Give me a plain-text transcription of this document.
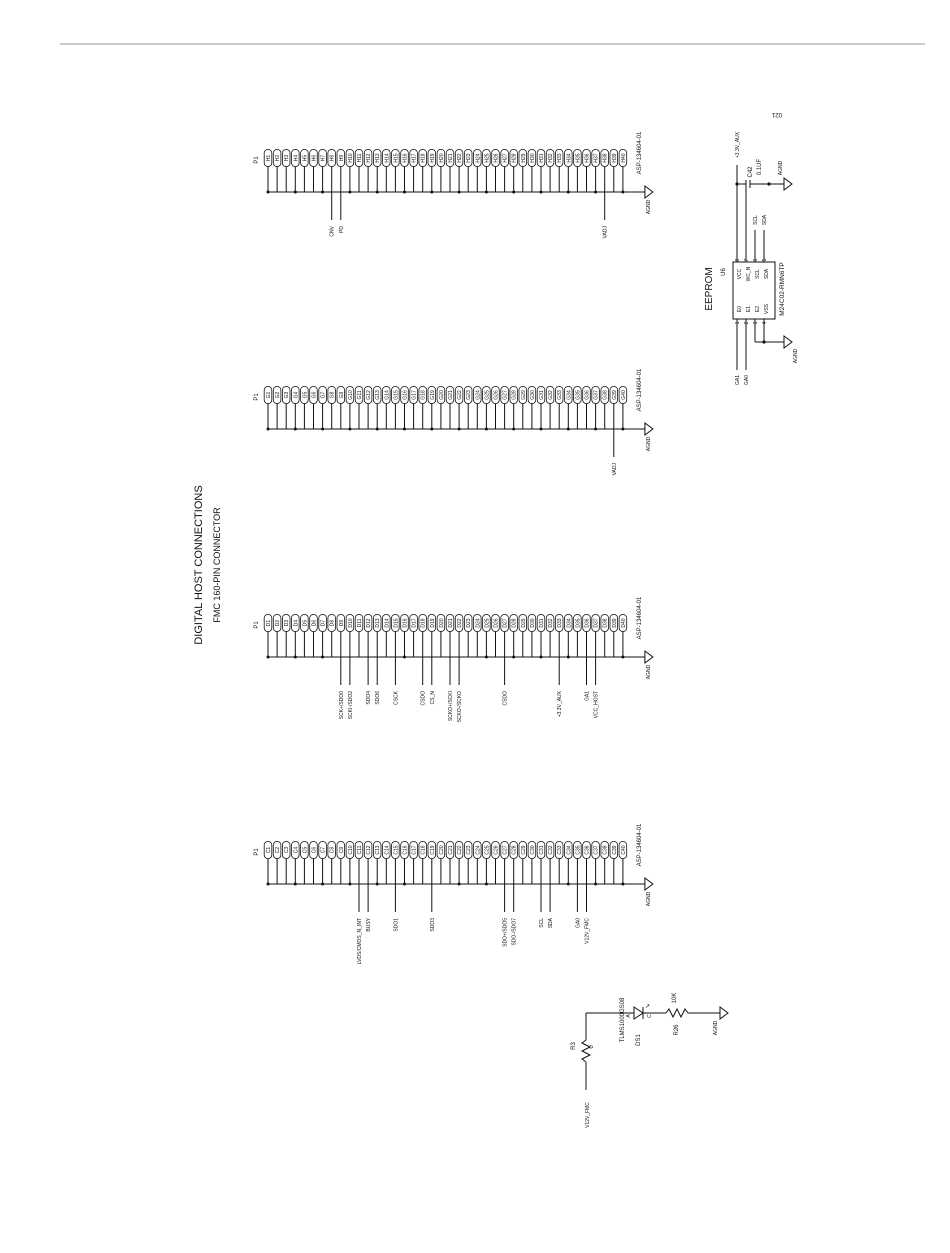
021
DIGITAL HOST CONNECTIONS FMC 160-PIN CONNECTOR
P1	ASP-134604-01
H1 H2 H3 H4 H5 H6 H7 H8 H9 H10 H11 H12 H13 H14 H15 H16 H17 H18 H19 H20 H21 H22 H23 H24 H25 H26 H27 H28 H29 H30 H31 H32 H33 H34 H35 H36 H37 H38 H39 H40
AGND
CNV PD	VADJ
P1	ASP-134604-01
G1 G2 G3 G4 G5 G6 G7 G8 G9 G10 G11 G12 G13 G14 G15 G16 G17 G18 G19 G20 G21 G22 G23 G24 G25 G26 G27 G28 G29 G30 G31 G32 G33 G34 G35 G36 G37 G38 G39 G40
AGND
VADJ
P1	ASP-134604-01
D1 D2 D3 D4 D5 D6 D7 D8 D9 D10 D11 D12 D13 D14 D15 D16 D17 D18 D19 D20 D21 D22 D23 D24 D25 D26 D27 D28 D29 D30 D31 D32 D33 D34 D35 D36 D37 D38 D39 D40
AGND
SCK+/SDO0 SCKI-/SDO2 SDO4 SDO6 CSCK	CSDO CS_N SCKO+/SCKI SCKO-/SCKO	CSDO	+3.3V_AUX	GA1 VCC_HOST
P1	ASP-134604-01
C1 C2 C3 C4 C5 C6 C7 C8 C9 C10 C11 C12 C13 C14 C15 C16 C17 C18 C19 C20 C21 C22 C23 C24 C25 C26 C27 C28 C29 C30 C31 C32 C33 C34 C35 C36 C37 C38 C39 C40
AGND
LVDS/CMOS_N_INT BUSY	SDO1	SDO3	SDO+/SDO5 SDO-/SDO7	SCL SDA	GA0 V12V_FMC
EEPROM U6	M24C02-RMN6TP
E0 E1 E2 VSS
VCC WC_N SCL SDA
1 2 3 4
8 7 6 5
AGND
GA1 GA0
SCL SDA
+3.3V_AUX
AGND
C42 0.1UF
V12V_FMC
R3 0
↗
DS1
TLMS1000GS08 A	C
R26
10K
AGND
